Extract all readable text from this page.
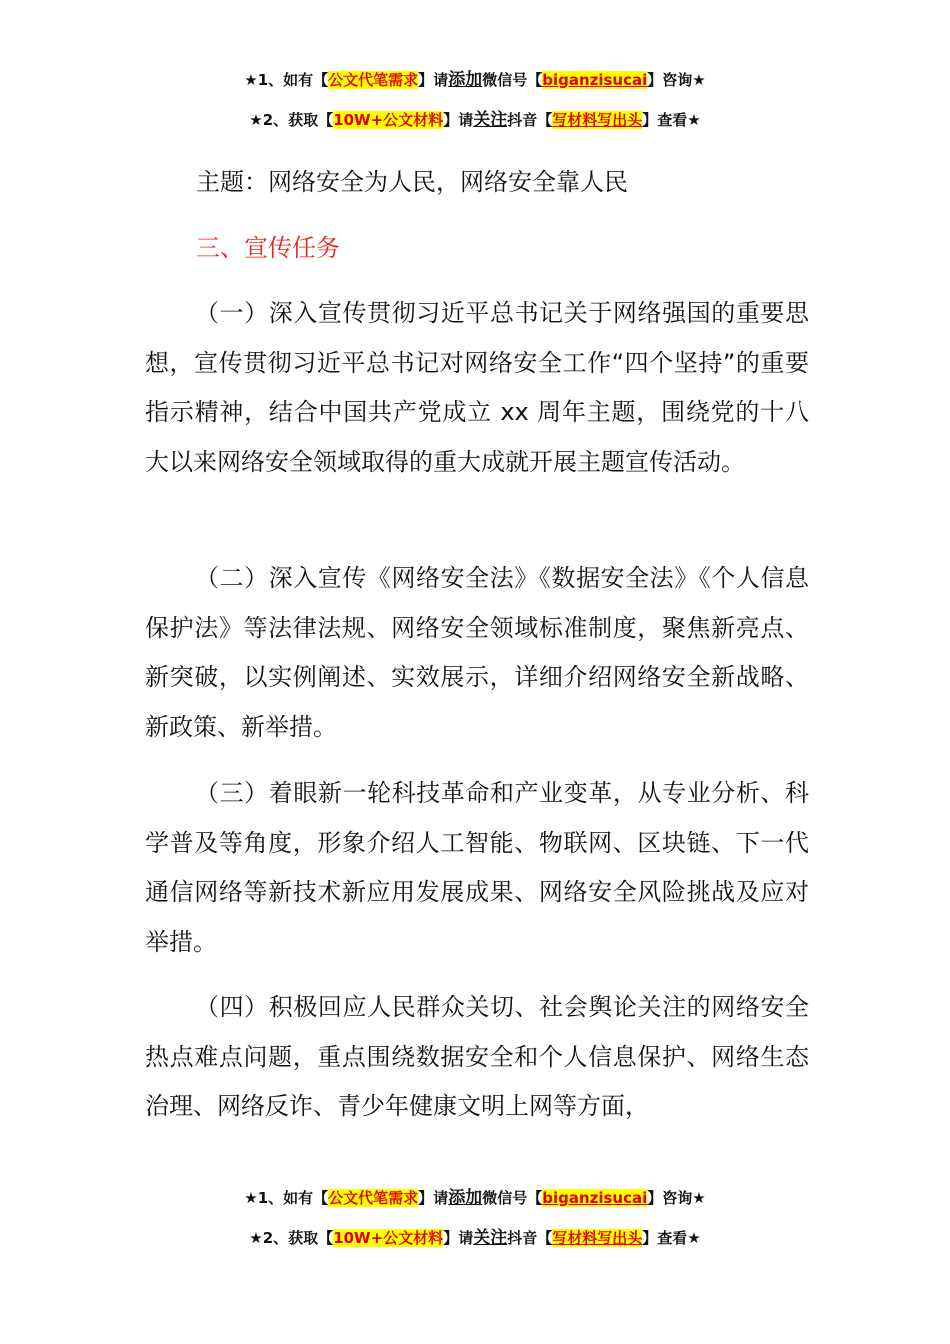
★1、如有【公文代笔需求】请添加微信号【biganzisucai】咨询★
★2、获取【10W+公文材料】请关注抖音【写材料写出头】查看★
主题：网络安全为人民，网络安全靠人民
三、宣传任务

（一）深入宣传贯彻习近平总书记关于网络强国的重要思想，宣传贯彻习近平总书记对网络安全工作“四个坚持”的重要指示精神，结合中国共产党成立 xx 周年主题，围绕党的十八大以来网络安全领域取得的重大成就开展主题宣传活动。

（二）深入宣传《网络安全法》《数据安全法》《个人信息保护法》等法律法规、网络安全领域标准制度，聚焦新亮点、新突破，以实例阐述、实效展示，详细介绍网络安全新战略、新政策、新举措。

（三）着眼新一轮科技革命和产业变革，从专业分析、科学普及等角度，形象介绍人工智能、物联网、区块链、下一代通信网络等新技术新应用发展成果、网络安全风险挑战及应对举措。

（四）积极回应人民群众关切、社会舆论关注的网络安全热点难点问题，重点围绕数据安全和个人信息保护、网络生态治理、网络反诈、青少年健康文明上网等方面，

★1、如有【公文代笔需求】请添加微信号【biganzisucai】咨询★
★2、获取【10W+公文材料】请关注抖音【写材料写出头】查看★
